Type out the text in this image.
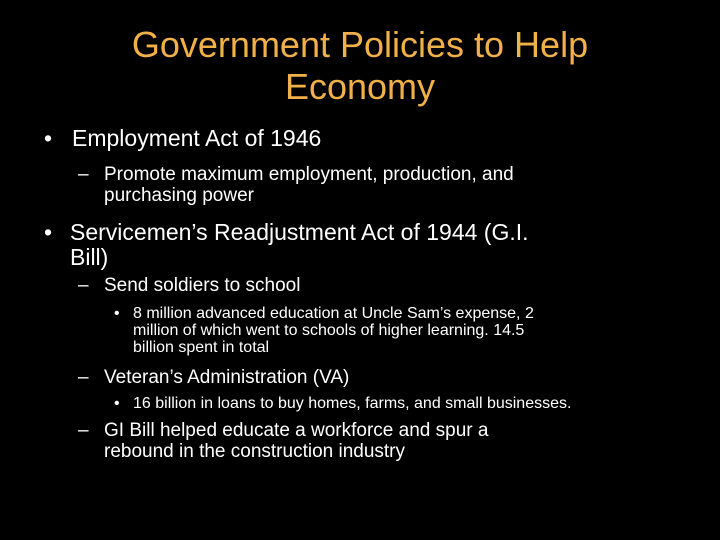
Government Policies to Help
Economy
• Employment Act of 1946
– Promote maximum employment, production, and
purchasing power
• Servicemen’s Readjustment Act of 1944 (G.I.
Bill)
– Send soldiers to school
• 8 million advanced education at Uncle Sam’s expense, 2
million of which went to schools of higher learning. 14.5
billion spent in total
– Veteran’s Administration (VA)
• 16 billion in loans to buy homes, farms, and small businesses.
– GI Bill helped educate a workforce and spur a
rebound in the construction industry
